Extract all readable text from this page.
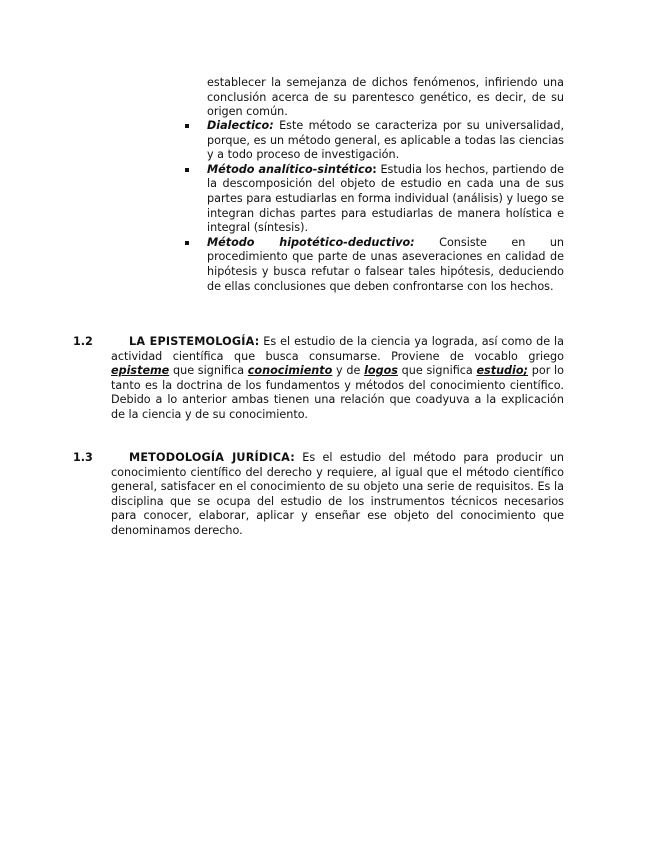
establecer la semejanza de dichos fenómenos, infiriendo una conclusión acerca de su parentesco genético, es decir, de su origen común.

Dialectico: Este método se caracteriza por su universalidad, porque, es un método general, es aplicable a todas las ciencias y a todo proceso de investigación.
Método analítico-sintético: Estudia los hechos, partiendo de la descomposición del objeto de estudio en cada una de sus partes para estudiarlas en forma individual (análisis) y luego se integran dichas partes para estudiarlas de manera holística e integral (síntesis).
Método hipotético-deductivo: Consiste en un procedimiento que parte de unas aseveraciones en calidad de hipótesis y busca refutar o falsear tales hipótesis, deduciendo de ellas conclusiones que deben confrontarse con los hechos.

1.2	LA EPISTEMOLOGÍA: Es el estudio de la ciencia ya lograda, así como de la actividad científica que busca consumarse. Proviene de vocablo griego episteme que significa conocimiento y de logos que significa estudio; por lo tanto es la doctrina de los fundamentos y métodos del conocimiento científico. Debido a lo anterior ambas tienen una relación que coadyuva a la explicación de la ciencia y de su conocimiento.

1.3	METODOLOGÍA JURÍDICA: Es el estudio del método para producir un conocimiento científico del derecho y requiere, al igual que el método científico general, satisfacer en el conocimiento de su objeto una serie de requisitos. Es la disciplina que se ocupa del estudio de los instrumentos técnicos necesarios para conocer, elaborar, aplicar y enseñar ese objeto del conocimiento que denominamos derecho.
